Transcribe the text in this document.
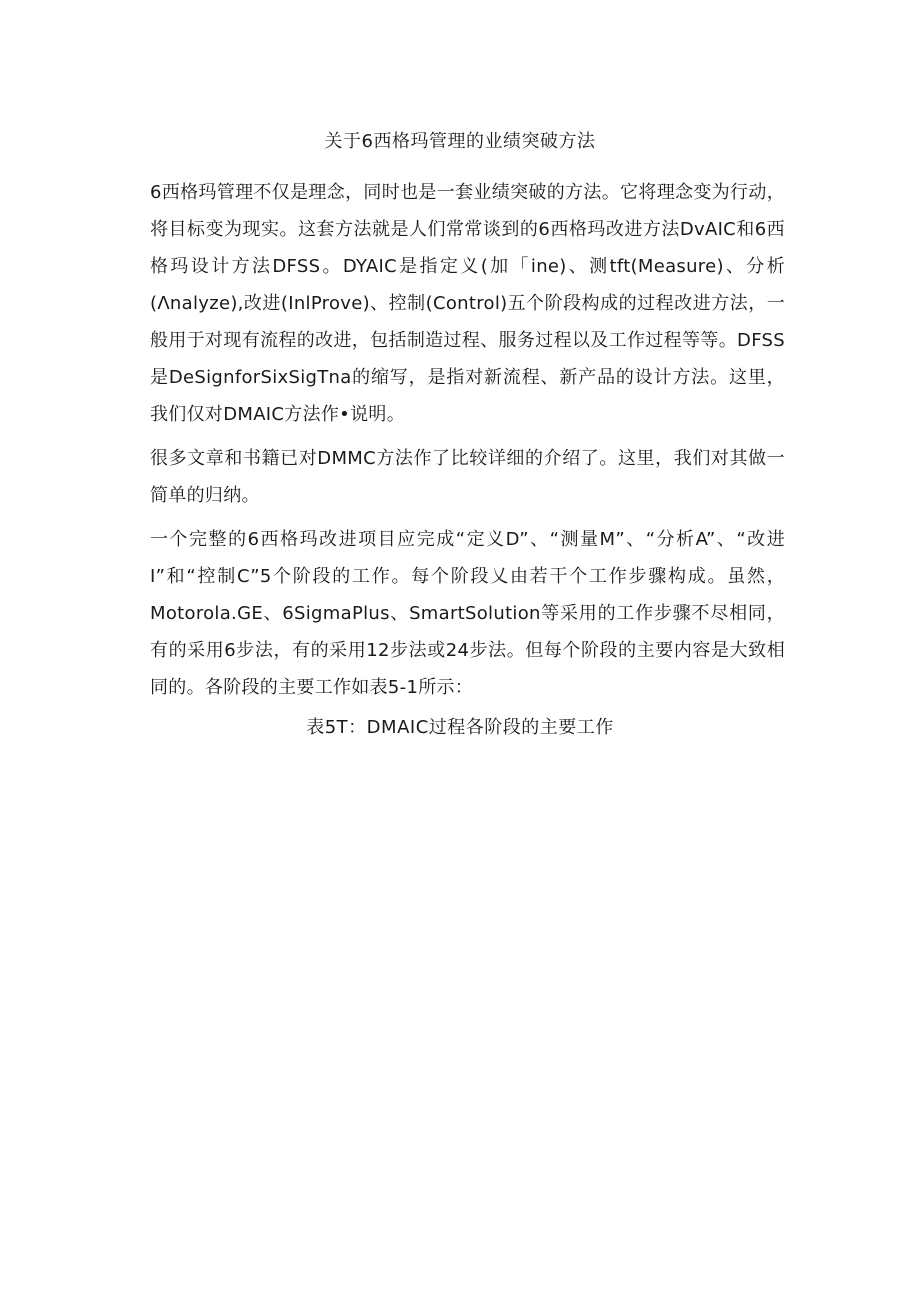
关于6西格玛管理的业绩突破方法

6西格玛管理不仅是理念，同时也是一套业绩突破的方法。它将理念变为行动，将目标变为现实。这套方法就是人们常常谈到的6西格玛改进方法DvAIC和6西格玛设计方法DFSS。DYAIC是指定义(加「ine)、测tft(Measure)、分析(Λnalyze),改进(InlProve)、控制(Control)五个阶段构成的过程改进方法，一般用于对现有流程的改进，包括制造过程、服务过程以及工作过程等等。DFSS是DeSignforSixSigTna的缩写，是指对新流程、新产品的设计方法。这里，我们仅对DMAIC方法作•说明。

很多文章和书籍已对DMMC方法作了比较详细的介绍了。这里，我们对其做一简单的归纳。

一个完整的6西格玛改进项目应完成“定义D”、“测量M”、“分析A”、“改进I”和“控制C”5个阶段的工作。每个阶段乂由若干个工作步骤构成。虽然，Motorola.GE、6SigmaPlus、SmartSolution等采用的工作步骤不尽相同，有的采用6步法，有的采用12步法或24步法。但每个阶段的主要内容是大致相同的。各阶段的主要工作如表5-1所示：

表5T：DMAIC过程各阶段的主要工作
